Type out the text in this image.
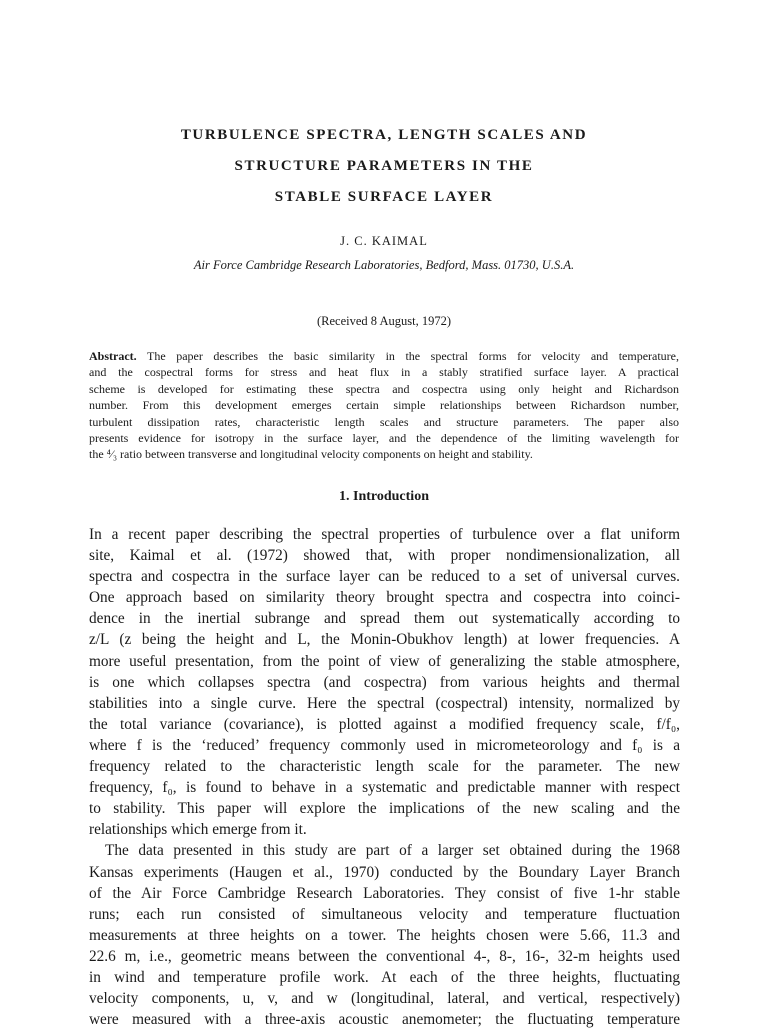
TURBULENCE SPECTRA, LENGTH SCALES AND
STRUCTURE PARAMETERS IN THE
STABLE SURFACE LAYER
J. C. KAIMAL
Air Force Cambridge Research Laboratories, Bedford, Mass. 01730, U.S.A.
(Received 8 August, 1972)
Abstract. The paper describes the basic similarity in the spectral forms for velocity and temperature,
and the cospectral forms for stress and heat flux in a stably stratified surface layer. A practical
scheme is developed for estimating these spectra and cospectra using only height and Richardson
number. From this development emerges certain simple relationships between Richardson number,
turbulent dissipation rates, characteristic length scales and structure parameters. The paper also
presents evidence for isotropy in the surface layer, and the dependence of the limiting wavelength for
the ⁴⁄₃ ratio between transverse and longitudinal velocity components on height and stability.
1. Introduction
In a recent paper describing the spectral properties of turbulence over a flat uniform
site, Kaimal et al. (1972) showed that, with proper nondimensionalization, all
spectra and cospectra in the surface layer can be reduced to a set of universal curves.
One approach based on similarity theory brought spectra and cospectra into coinci-
dence in the inertial subrange and spread them out systematically according to
z/L (z being the height and L, the Monin-Obukhov length) at lower frequencies. A
more useful presentation, from the point of view of generalizing the stable atmosphere,
is one which collapses spectra (and cospectra) from various heights and thermal
stabilities into a single curve. Here the spectral (cospectral) intensity, normalized by
the total variance (covariance), is plotted against a modified frequency scale, f/f₀,
where f is the ‘reduced’ frequency commonly used in micrometeorology and f₀ is a
frequency related to the characteristic length scale for the parameter. The new
frequency, f₀, is found to behave in a systematic and predictable manner with respect
to stability. This paper will explore the implications of the new scaling and the
relationships which emerge from it.
The data presented in this study are part of a larger set obtained during the 1968
Kansas experiments (Haugen et al., 1970) conducted by the Boundary Layer Branch
of the Air Force Cambridge Research Laboratories. They consist of five 1-hr stable
runs; each run consisted of simultaneous velocity and temperature fluctuation
measurements at three heights on a tower. The heights chosen were 5.66, 11.3 and
22.6 m, i.e., geometric means between the conventional 4-, 8-, 16-, 32-m heights used
in wind and temperature profile work. At each of the three heights, fluctuating
velocity components, u, v, and w (longitudinal, lateral, and vertical, respectively)
were measured with a three-axis acoustic anemometer; the fluctuating temperature
